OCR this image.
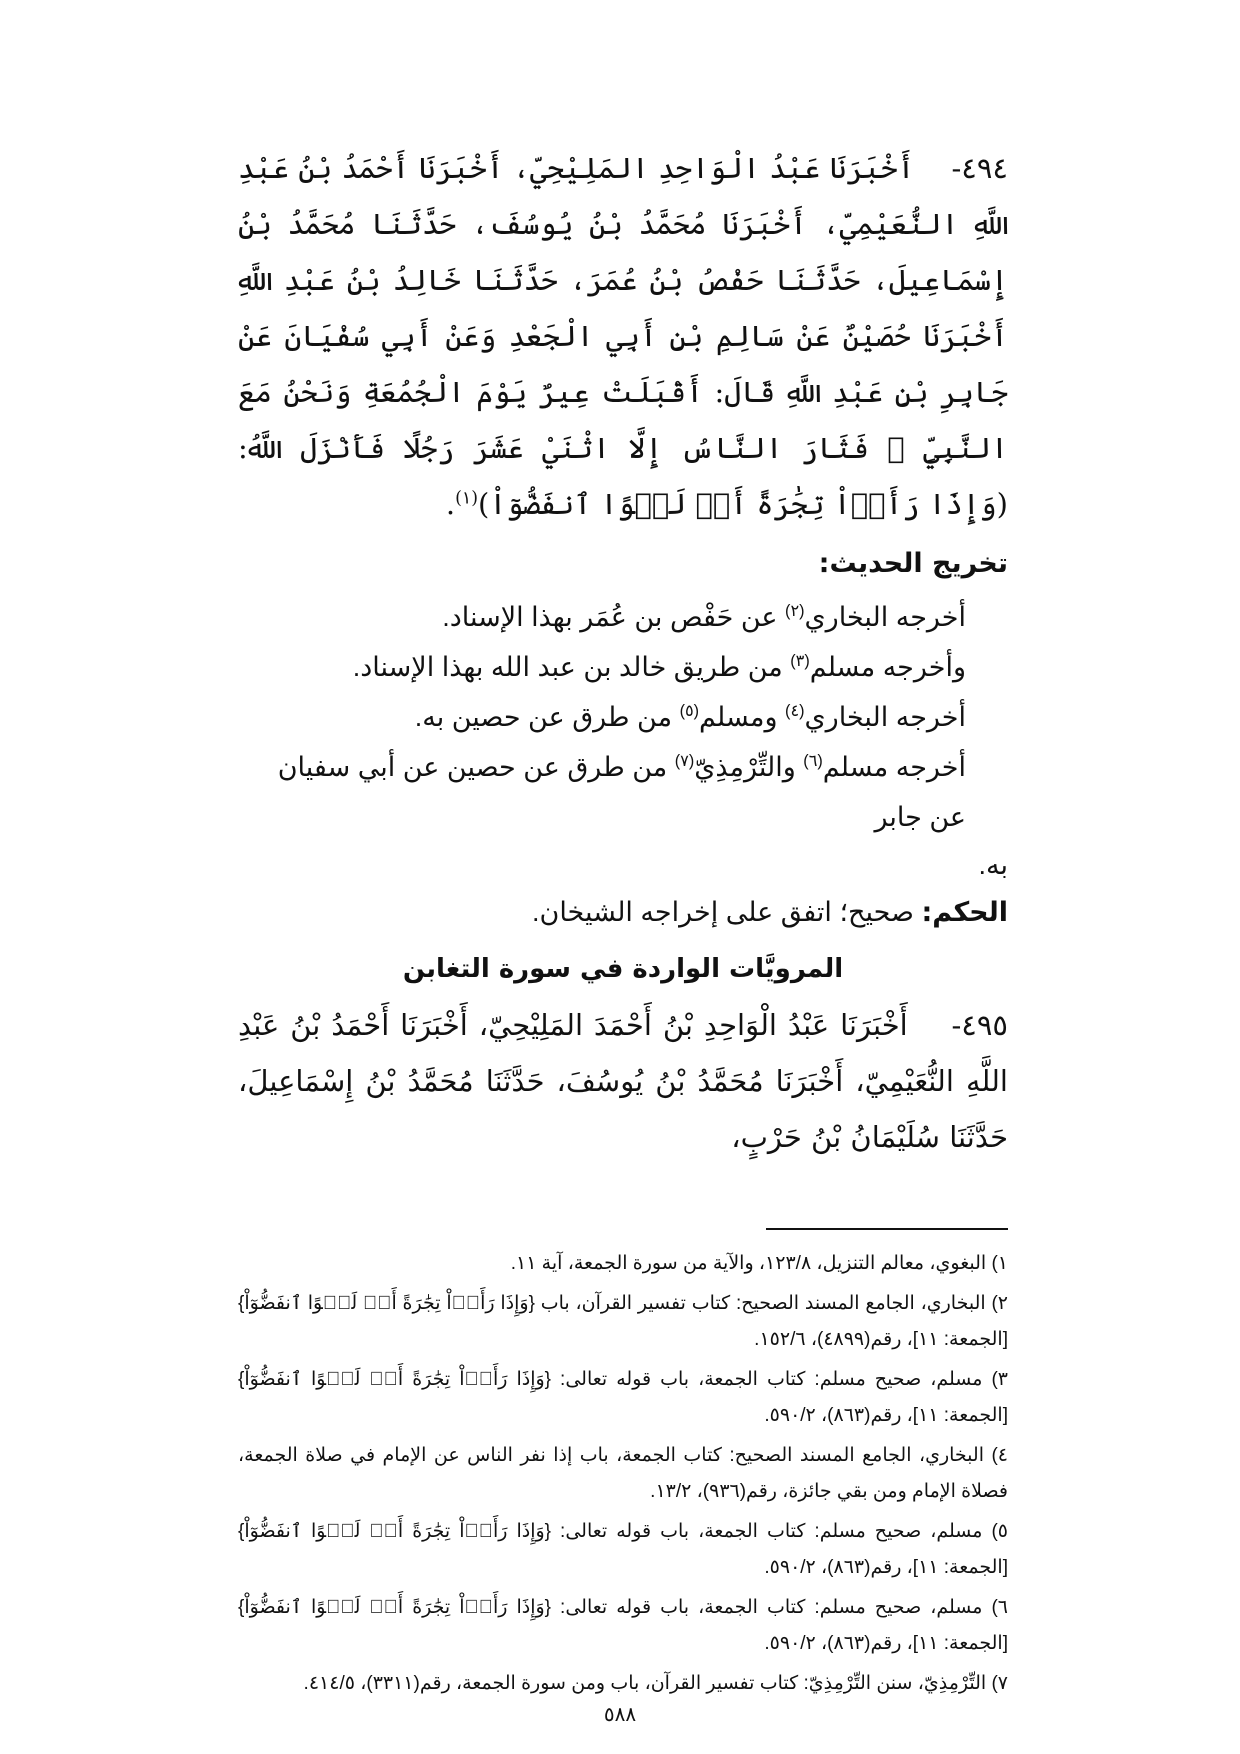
٤٩٤-    أَخْبَرَنَا عَبْدُ الْوَاحِدِ المَلِيْحِيّ، أَخْبَرَنَا أَحْمَدُ بْنُ عَبْدِ اللَّهِ النُّعَيْمِيّ، أَخْبَرَنَا مُحَمَّدُ بْنُ يُوسُفَ، حَدَّثَنَا مُحَمَّدُ بْنُ إِسْمَاعِيلَ، حَدَّثَنَا حَفْصُ بْنُ عُمَرَ، حَدَّثَنَا خَالِدُ بْنُ عَبْدِ اللَّهِ أَخْبَرَنَا حُصَيْنٌ عَنْ سَالِمِ بْنِ أَبِي الْجَعْدِ وَعَنْ أَبِي سُفْيَانَ عَنْ جَابِرِ بْنِ عَبْدِ اللَّهِ قَالَ: أَقْبَلَتْ عِيرٌ يَوْمَ الْجُمُعَةِ وَنَحْنُ مَعَ النَّبِيِّ ﷺ فَثَارَ النَّاسُ إِلَّا اثْنَيْ عَشَرَ رَجُلًا فَأَنْزَلَ اللَّهُ: (وَإِذَا رَأَوۡاْ تِجَٰرَةً أَوۡ لَهۡوًا ٱنفَضُّوٓاْ)$^{(١)}$.
تخريج الحديث:
أخرجه البخاري$^{(٢)}$ عن حَفْص بن عُمَر بهذا الإسناد.
وأخرجه مسلم$^{(٣)}$ من طريق خالد بن عبد الله بهذا الإسناد.
أخرجه البخاري$^{(٤)}$ ومسلم$^{(٥)}$ من طرق عن حصين به.
أخرجه مسلم$^{(٦)}$ والتِّرْمِذِيّ$^{(٧)}$ من طرق عن حصين عن أبي سفيان عن جابر
به.
الحكم: صحيح؛ اتفق على إخراجه الشيخان.
المرويَّات الواردة في سورة التغابن
٤٩٥-    أَخْبَرَنَا عَبْدُ الْوَاحِدِ بْنُ أَحْمَدَ المَلِيْحِيّ، أَخْبَرَنَا أَحْمَدُ بْنُ عَبْدِ اللَّهِ النُّعَيْمِيّ، أَخْبَرَنَا مُحَمَّدُ بْنُ يُوسُفَ، حَدَّثَنَا مُحَمَّدُ بْنُ إِسْمَاعِيلَ، حَدَّثَنَا سُلَيْمَانُ بْنُ حَرْبٍ،

١) البغوي، معالم التنزيل، ١٢٣/٨، والآية من سورة الجمعة، آية ١١.

٢) البخاري، الجامع المسند الصحيح: كتاب تفسير القرآن، باب {وَإِذَا رَأَوۡاْ تِجَٰرَةً أَوۡ لَهۡوًا ٱنفَضُّوٓاْ}[الجمعة: ١١]، رقم(٤٨٩٩)، ١٥٢/٦.

٣) مسلم، صحيح مسلم: كتاب الجمعة، باب قوله تعالى: {وَإِذَا رَأَوۡاْ تِجَٰرَةً أَوۡ لَهۡوًا ٱنفَضُّوٓاْ}[الجمعة: ١١]، رقم(٨٦٣)، ٥٩٠/٢.

٤) البخاري، الجامع المسند الصحيح: كتاب الجمعة، باب إذا نفر الناس عن الإمام في صلاة الجمعة، فصلاة الإمام ومن بقي جائزة، رقم(٩٣٦)، ١٣/٢.

٥) مسلم، صحيح مسلم: كتاب الجمعة، باب قوله تعالى: {وَإِذَا رَأَوۡاْ تِجَٰرَةً أَوۡ لَهۡوًا ٱنفَضُّوٓاْ}[الجمعة: ١١]، رقم(٨٦٣)، ٥٩٠/٢.

٦) مسلم، صحيح مسلم: كتاب الجمعة، باب قوله تعالى: {وَإِذَا رَأَوۡاْ تِجَٰرَةً أَوۡ لَهۡوًا ٱنفَضُّوٓاْ}[الجمعة: ١١]، رقم(٨٦٣)، ٥٩٠/٢.

٧) التِّرْمِذِيّ، سنن التِّرْمِذِيّ: كتاب تفسير القرآن، باب ومن سورة الجمعة، رقم(٣٣١١)، ٤١٤/٥.

٥٨٨
